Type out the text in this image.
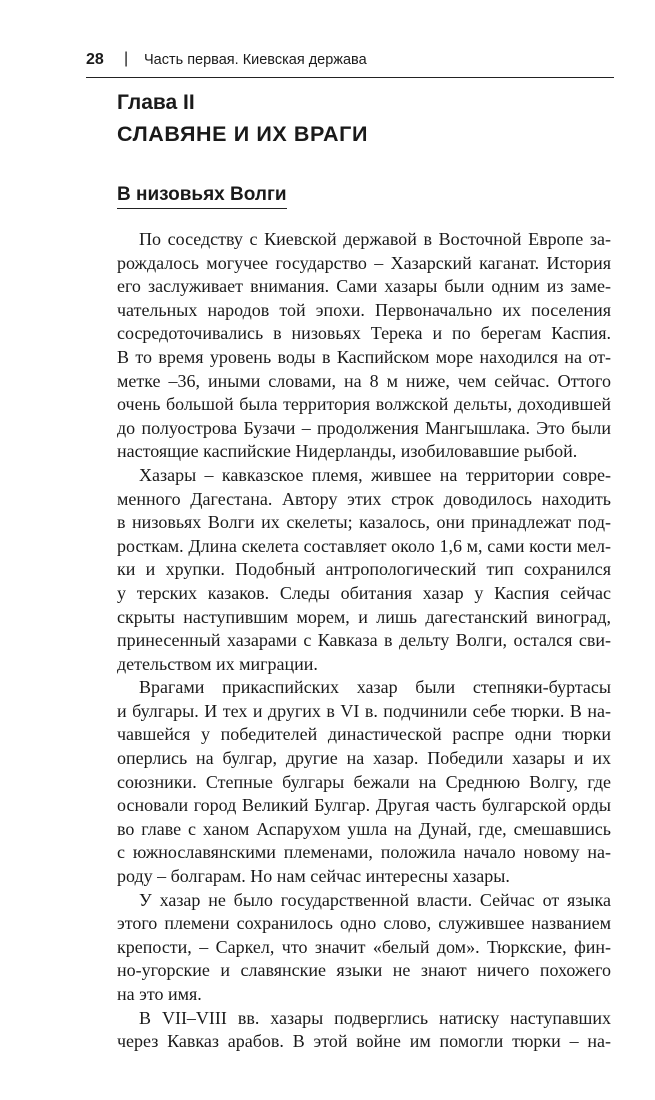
28 | Часть первая. Киевская держава
Глава II
СЛАВЯНЕ И ИХ ВРАГИ
В низовьях Волги
По соседству с Киевской державой в Восточной Европе за-
рождалось могучее государство – Хазарский каганат. История
его заслуживает внимания. Сами хазары были одним из заме-
чательных народов той эпохи. Первоначально их поселения
сосредоточивались в низовьях Терека и по берегам Каспия.
В то время уровень воды в Каспийском море находился на от-
метке –36, иными словами, на 8 м ниже, чем сейчас. Оттого
очень большой была территория волжской дельты, доходившей
до полуострова Бузачи – продолжения Мангышлака. Это были
настоящие каспийские Нидерланды, изобиловавшие рыбой.
Хазары – кавказское племя, жившее на территории совре-
менного Дагестана. Автору этих строк доводилось находить
в низовьях Волги их скелеты; казалось, они принадлежат под-
росткам. Длина скелета составляет около 1,6 м, сами кости мел-
ки и хрупки. Подобный антропологический тип сохранился
у терских казаков. Следы обитания хазар у Каспия сейчас
скрыты наступившим морем, и лишь дагестанский виноград,
принесенный хазарами с Кавказа в дельту Волги, остался сви-
детельством их миграции.
Врагами прикаспийских хазар были степняки-буртасы
и булгары. И тех и других в VI в. подчинили себе тюрки. В на-
чавшейся у победителей династической распре одни тюрки
оперлись на булгар, другие на хазар. Победили хазары и их
союзники. Степные булгары бежали на Среднюю Волгу, где
основали город Великий Булгар. Другая часть булгарской орды
во главе с ханом Аспарухом ушла на Дунай, где, смешавшись
с южнославянскими племенами, положила начало новому на-
роду – болгарам. Но нам сейчас интересны хазары.
У хазар не было государственной власти. Сейчас от языка
этого племени сохранилось одно слово, служившее названием
крепости, – Саркел, что значит «белый дом». Тюркские, фин-
но-угорские и славянские языки не знают ничего похожего
на это имя.
В VII–VIII вв. хазары подверглись натиску наступавших
через Кавказ арабов. В этой войне им помогли тюрки – на-
